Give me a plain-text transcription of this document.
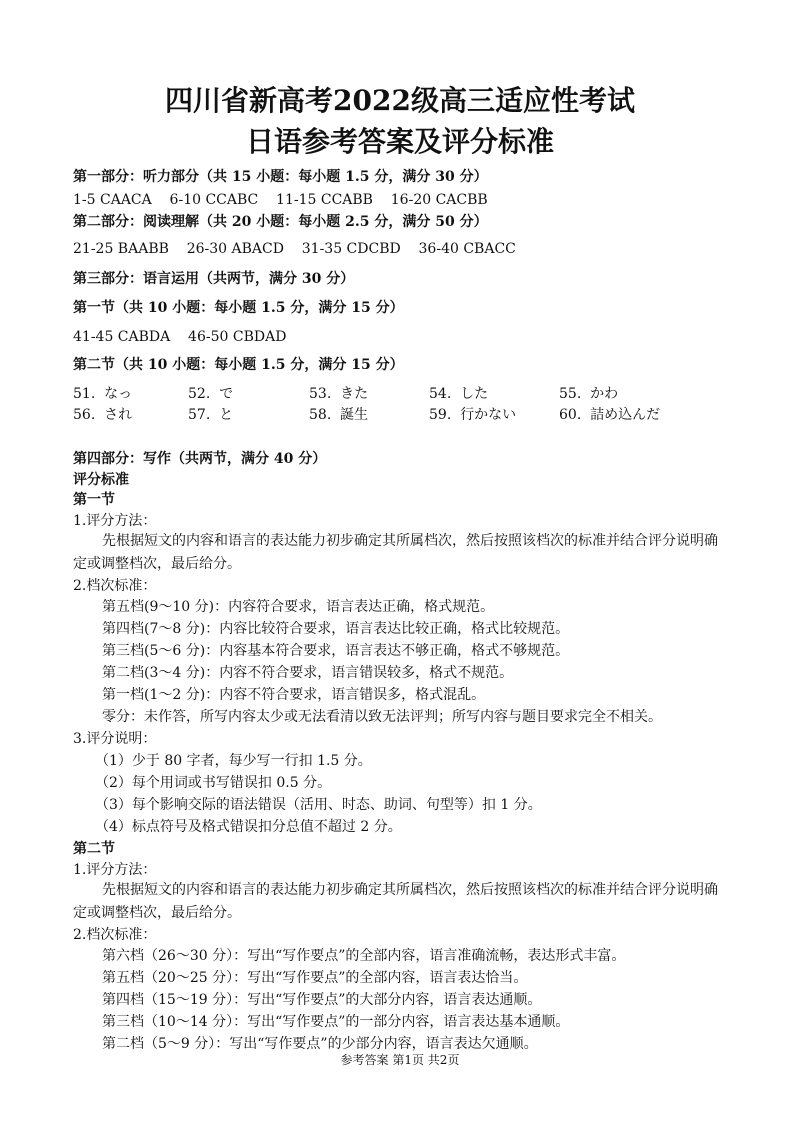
四川省新高考2022级高三适应性考试
日语参考答案及评分标准
第一部分：听力部分（共 15 小题：每小题 1.5 分，满分 30 分）
1-5 CAACA    6-10 CCABC    11-15 CCABB    16-20 CACBB
第二部分：阅读理解（共 20 小题：每小题 2.5 分，满分 50 分）
21-25 BAABB    26-30 ABACD    31-35 CDCBD    36-40 CBACC
第三部分：语言运用（共两节，满分 30 分）
第一节（共 10 小题：每小题 1.5 分，满分 15 分）
41-45 CABDA    46-50 CBDAD
第二节（共 10 小题：每小题 1.5 分，满分 15 分）
51. なっ	52. で	53. きた	54. した	55. かわ
56. され	57. と	58. 誕生	59. 行かない	60. 詰め込んだ
第四部分：写作（共两节，满分 40 分）
评分标准
第一节
1.评分方法：
先根据短文的内容和语言的表达能力初步确定其所属档次，然后按照该档次的标准并结合评分说明确定或调整档次，最后给分。
2.档次标准：
第五档(9～10 分)：内容符合要求，语言表达正确，格式规范。
第四档(7～8 分)：内容比较符合要求，语言表达比较正确，格式比较规范。
第三档(5～6 分)：内容基本符合要求，语言表达不够正确，格式不够规范。
第二档(3～4 分)：内容不符合要求，语言错误较多，格式不规范。
第一档(1～2 分)：内容不符合要求，语言错误多，格式混乱。
零分：未作答，所写内容太少或无法看清以致无法评判；所写内容与题目要求完全不相关。
3.评分说明：
（1）少于 80 字者，每少写一行扣 1.5 分。
（2）每个用词或书写错误扣 0.5 分。
（3）每个影响交际的语法错误（活用、时态、助词、句型等）扣 1 分。
（4）标点符号及格式错误扣分总值不超过 2 分。
第二节
1.评分方法：
先根据短文的内容和语言的表达能力初步确定其所属档次，然后按照该档次的标准并结合评分说明确定或调整档次，最后给分。
2.档次标准：
第六档（26～30 分）：写出“写作要点”的全部内容，语言准确流畅，表达形式丰富。
第五档（20～25 分）：写出“写作要点”的全部内容，语言表达恰当。
第四档（15～19 分）：写出“写作要点”的大部分内容，语言表达通顺。
第三档（10～14 分）：写出“写作要点”的一部分内容，语言表达基本通顺。
第二档（5～9 分）：写出“写作要点”的少部分内容，语言表达欠通顺。
参考答案 第1页 共2页
